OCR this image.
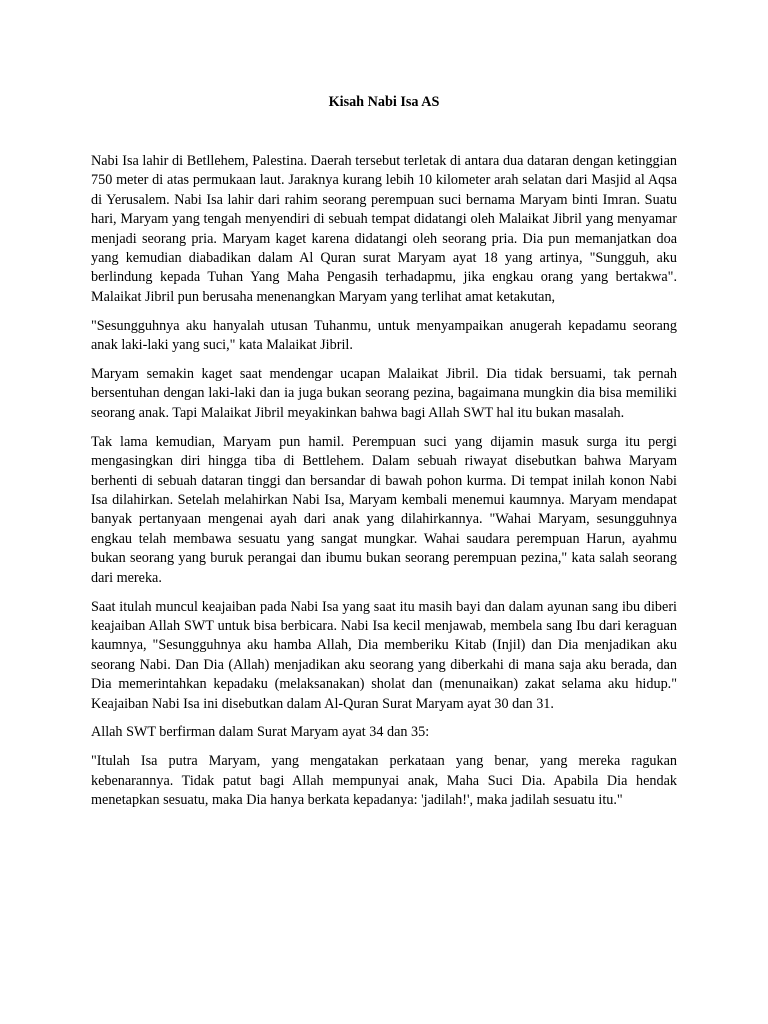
Kisah Nabi Isa AS

Nabi Isa lahir di Betllehem, Palestina. Daerah tersebut terletak di antara dua dataran dengan ketinggian 750 meter di atas permukaan laut. Jaraknya kurang lebih 10 kilometer arah selatan dari Masjid al Aqsa di Yerusalem. Nabi Isa lahir dari rahim seorang perempuan suci bernama Maryam binti Imran. Suatu hari, Maryam yang tengah menyendiri di sebuah tempat didatangi oleh Malaikat Jibril yang menyamar menjadi seorang pria. Maryam kaget karena didatangi oleh seorang pria. Dia pun memanjatkan doa yang kemudian diabadikan dalam Al Quran surat Maryam ayat 18 yang artinya, "Sungguh, aku berlindung kepada Tuhan Yang Maha Pengasih terhadapmu, jika engkau orang yang bertakwa". Malaikat Jibril pun berusaha menenangkan Maryam yang terlihat amat ketakutan,

"Sesungguhnya aku hanyalah utusan Tuhanmu, untuk menyampaikan anugerah kepadamu seorang anak laki-laki yang suci," kata Malaikat Jibril.

Maryam semakin kaget saat mendengar ucapan Malaikat Jibril. Dia tidak bersuami, tak pernah bersentuhan dengan laki-laki dan ia juga bukan seorang pezina, bagaimana mungkin dia bisa memiliki seorang anak. Tapi Malaikat Jibril meyakinkan bahwa bagi Allah SWT hal itu bukan masalah.

Tak lama kemudian, Maryam pun hamil. Perempuan suci yang dijamin masuk surga itu pergi mengasingkan diri hingga tiba di Bettlehem. Dalam sebuah riwayat disebutkan bahwa Maryam berhenti di sebuah dataran tinggi dan bersandar di bawah pohon kurma. Di tempat inilah konon Nabi Isa dilahirkan. Setelah melahirkan Nabi Isa, Maryam kembali menemui kaumnya. Maryam mendapat banyak pertanyaan mengenai ayah dari anak yang dilahirkannya. "Wahai Maryam, sesungguhnya engkau telah membawa sesuatu yang sangat mungkar. Wahai saudara perempuan Harun, ayahmu bukan seorang yang buruk perangai dan ibumu bukan seorang perempuan pezina," kata salah seorang dari mereka.

Saat itulah muncul keajaiban pada Nabi Isa yang saat itu masih bayi dan dalam ayunan sang ibu diberi keajaiban Allah SWT untuk bisa berbicara. Nabi Isa kecil menjawab, membela sang Ibu dari keraguan kaumnya, "Sesungguhnya aku hamba Allah, Dia memberiku Kitab (Injil) dan Dia menjadikan aku seorang Nabi. Dan Dia (Allah) menjadikan aku seorang yang diberkahi di mana saja aku berada, dan Dia memerintahkan kepadaku (melaksanakan) sholat dan (menunaikan) zakat selama aku hidup." Keajaiban Nabi Isa ini disebutkan dalam Al-Quran Surat Maryam ayat 30 dan 31.

Allah SWT berfirman dalam Surat Maryam ayat 34 dan 35:

"Itulah Isa putra Maryam, yang mengatakan perkataan yang benar, yang mereka ragukan kebenarannya. Tidak patut bagi Allah mempunyai anak, Maha Suci Dia. Apabila Dia hendak menetapkan sesuatu, maka Dia hanya berkata kepadanya: 'jadilah!', maka jadilah sesuatu itu."
